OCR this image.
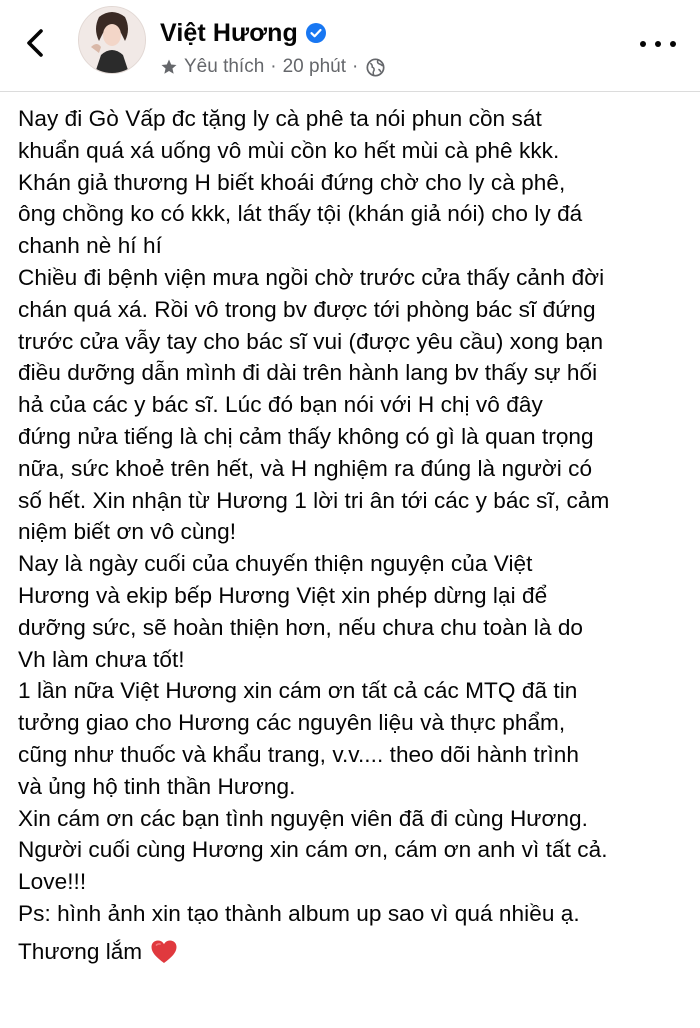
Việt Hương
Yêu thích · 20 phút ·
Nay đi Gò Vấp đc tặng ly cà phê ta nói phun cồn sát
khuẩn quá xá uống vô mùi cồn ko hết mùi cà phê kkk.
Khán giả thương H biết khoái đứng chờ cho ly cà phê,
ông chồng ko có kkk, lát thấy tội (khán giả nói) cho ly đá
chanh nè hí hí
Chiều đi bệnh viện mưa ngồi chờ trước cửa thấy cảnh đời
chán quá xá. Rồi vô trong bv được tới phòng bác sĩ đứng
trước cửa vẫy tay cho bác sĩ vui (được yêu cầu) xong bạn
điều dưỡng dẫn mình đi dài trên hành lang bv thấy sự hối
hả của các y bác sĩ. Lúc đó bạn nói với H chị vô đây
đứng nửa tiếng là chị cảm thấy không có gì là quan trọng
nữa, sức khoẻ trên hết, và H nghiệm ra đúng là người có
số hết. Xin nhận từ Hương 1 lời tri ân tới các y bác sĩ, cảm
niệm biết ơn vô cùng!
Nay là ngày cuối của chuyến thiện nguyện của Việt
Hương và ekip bếp Hương Việt xin phép dừng lại để
dưỡng sức, sẽ hoàn thiện hơn, nếu chưa chu toàn là do
Vh làm chưa tốt!
1 lần nữa Việt Hương xin cám ơn tất cả các MTQ đã tin
tưởng giao cho Hương các nguyên liệu và thực phẩm,
cũng như thuốc và khẩu trang, v.v.... theo dõi hành trình
và ủng hộ tinh thần Hương.
Xin cám ơn các bạn tình nguyện viên đã đi cùng Hương.
Người cuối cùng Hương xin cám ơn, cám ơn anh vì tất cả.
Love!!!
Ps: hình ảnh xin tạo thành album up sao vì quá nhiều ạ.
Thương lắm
